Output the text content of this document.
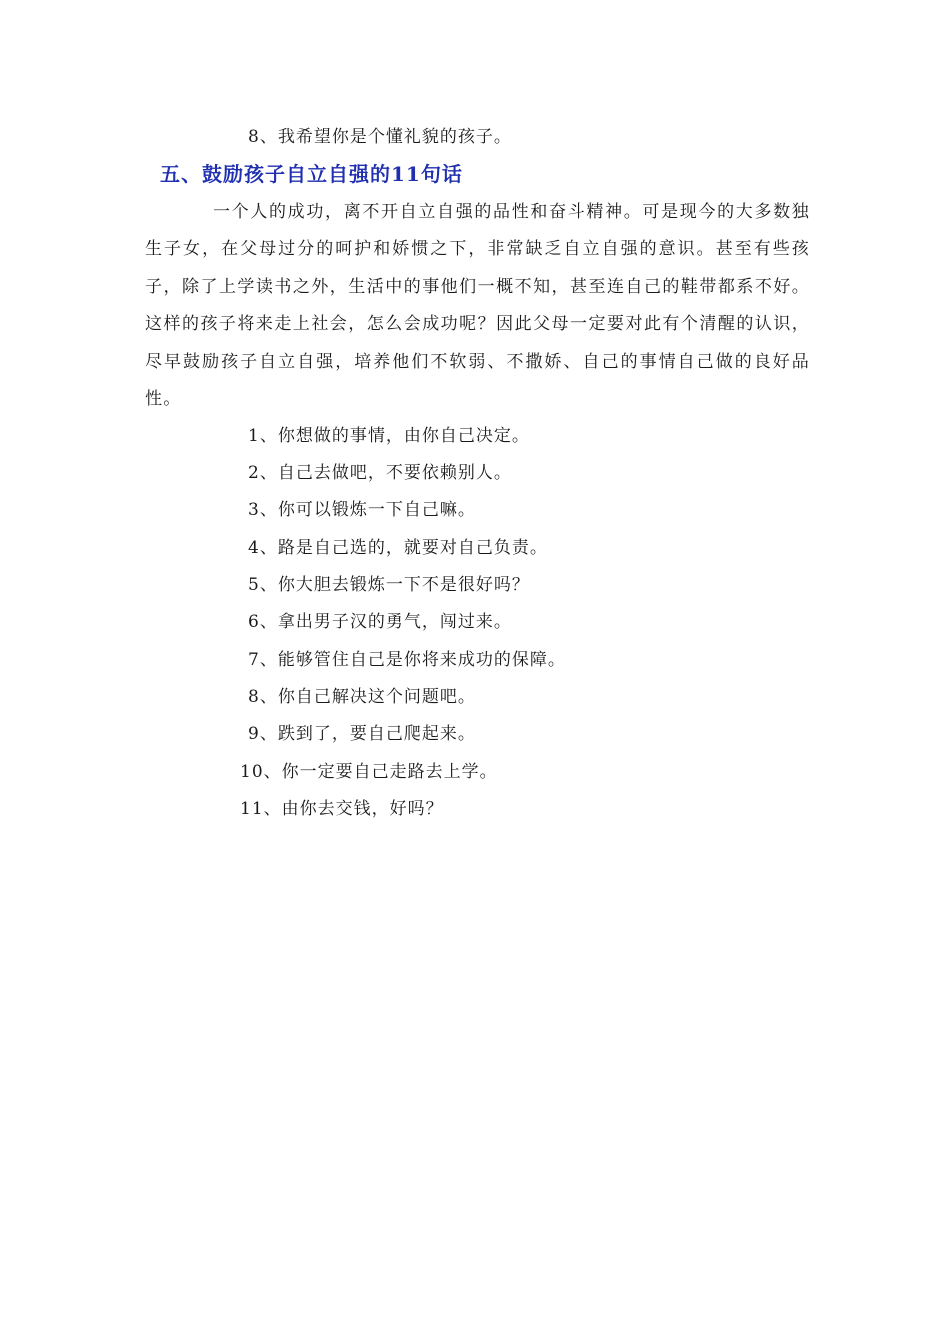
8、我希望你是个懂礼貌的孩子。
五、鼓励孩子自立自强的11句话
一个人的成功，离不开自立自强的品性和奋斗精神。可是现今的大多数独生子女，在父母过分的呵护和娇惯之下，非常缺乏自立自强的意识。甚至有些孩子，除了上学读书之外，生活中的事他们一概不知，甚至连自己的鞋带都系不好。这样的孩子将来走上社会，怎么会成功呢？因此父母一定要对此有个清醒的认识，尽早鼓励孩子自立自强，培养他们不软弱、不撒娇、自己的事情自己做的良好品性。
1、你想做的事情，由你自己决定。
2、自己去做吧，不要依赖别人。
3、你可以锻炼一下自己嘛。
4、路是自己选的，就要对自己负责。
5、你大胆去锻炼一下不是很好吗？
6、拿出男子汉的勇气，闯过来。
7、能够管住自己是你将来成功的保障。
8、你自己解决这个问题吧。
9、跌到了，要自己爬起来。
10、你一定要自己走路去上学。
11、由你去交钱，好吗？
